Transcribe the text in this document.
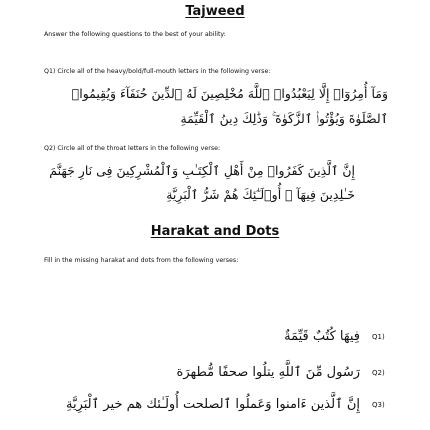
Tajweed
Answer the following questions to the best of your ability:
Q1) Circle all of the heavy/bold/full-mouth letters in the following verse:
وَمَآ أُمِرُوٓا۟ إِلَّا لِيَعْبُدُوا۟ ٱللَّهَ مُخْلِصِينَ لَهُ ٱلدِّينَ حُنَفَآءَ وَيُقِيمُوا۟
ٱلصَّلَوٰةَ وَيُؤْتُوا۟ ٱلزَّكَوٰةَ ۚ وَذَٰلِكَ دِينُ ٱلْقَيِّمَةِ
Q2) Circle all of the throat letters in the following verse:
إِنَّ ٱلَّذِينَ كَفَرُوا۟ مِنْ أَهْلِ ٱلْكِتَـٰبِ وَٱلْمُشْرِكِينَ فِى نَارِ جَهَنَّمَ
خَـٰلِدِينَ فِيهَآ ۚ أُو۟لَـٰٓئِكَ هُمْ شَرُّ ٱلْبَرِيَّةِ
Harakat and Dots
Fill in the missing harakat and dots from the following verses:
فِيهَا كُتُبٌ قَيِّمَةٌ Q1)
رَسُول مِّنَ ٱللَّهِ يتلُوا صحفًا مُّطهرَة Q2)
إِنَّ ٱلَّذين ءَامنوا وَعَملُوا ٱلصلحت أُولَـٰئك هم خير ٱلْبَرِيَّةِ Q3)
